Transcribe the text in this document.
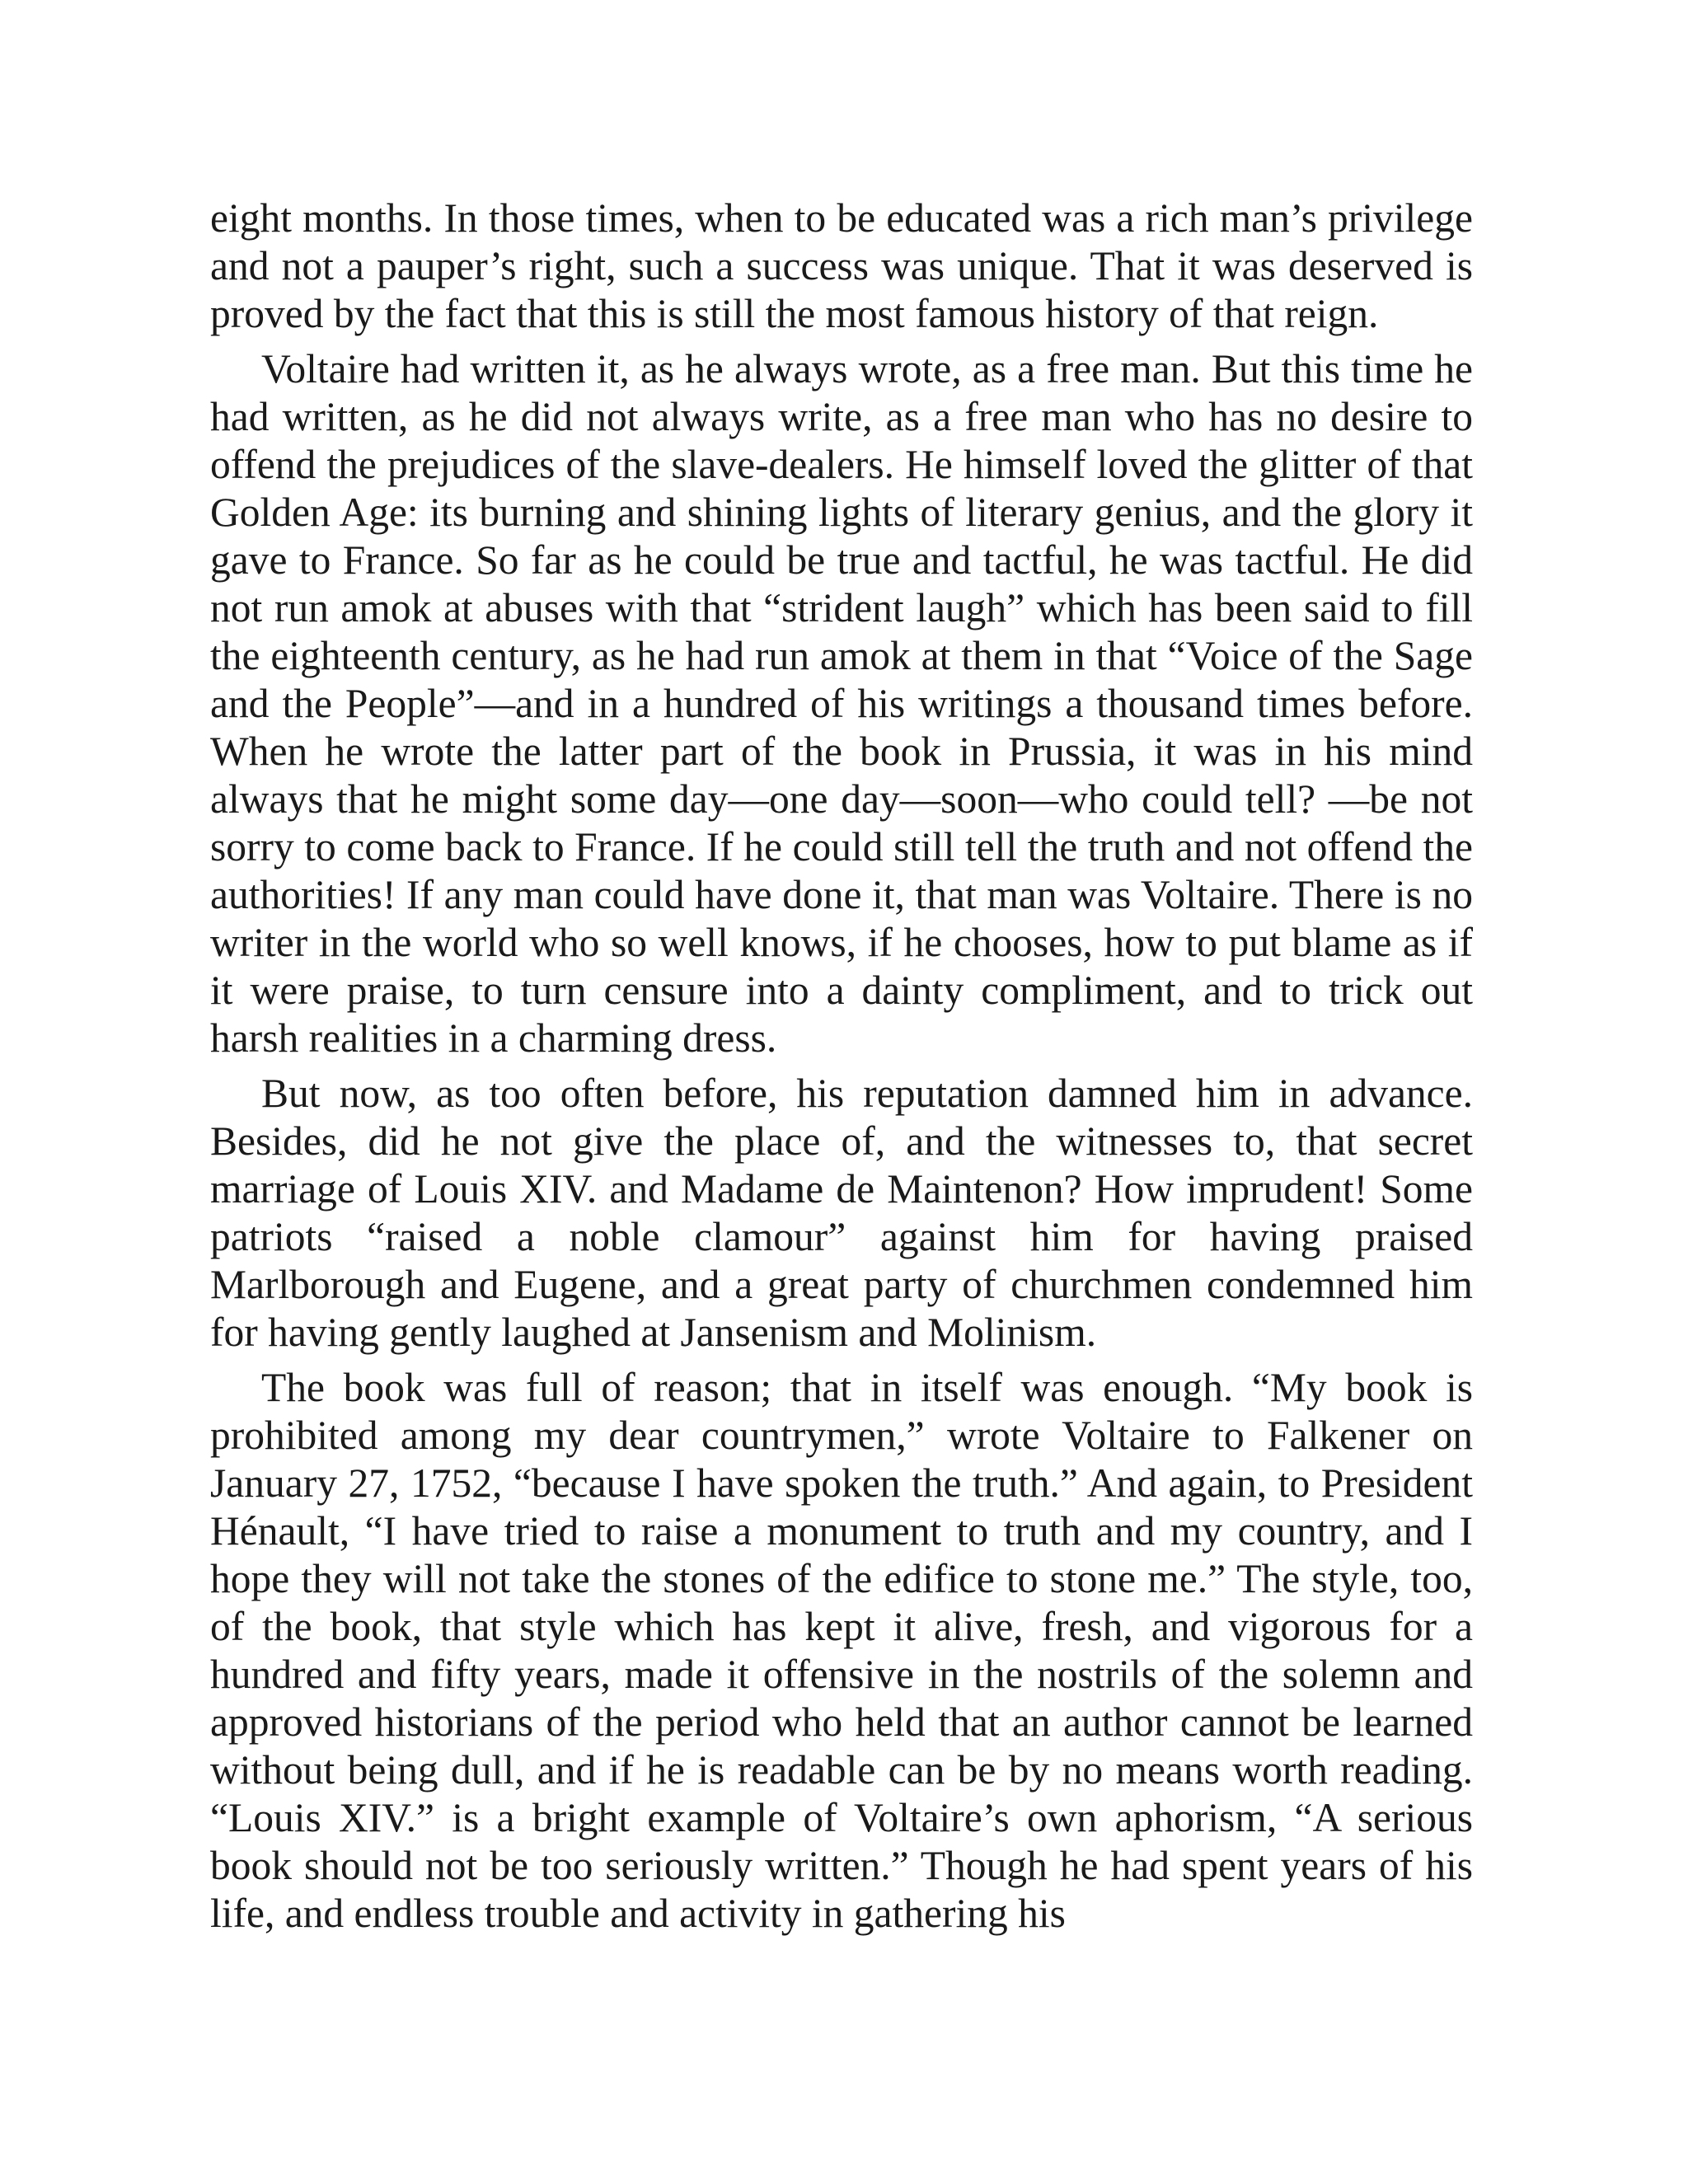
eight months. In those times, when to be educated was a rich man’s privilege and not a pauper’s right, such a success was unique. That it was deserved is proved by the fact that this is still the most famous history of that reign.

Voltaire had written it, as he always wrote, as a free man. But this time he had written, as he did not always write, as a free man who has no desire to offend the prejudices of the slave-dealers. He himself loved the glitter of that Golden Age: its burning and shining lights of literary genius, and the glory it gave to France. So far as he could be true and tactful, he was tactful. He did not run amok at abuses with that “strident laugh” which has been said to fill the eighteenth century, as he had run amok at them in that “Voice of the Sage and the People”—and in a hundred of his writings a thousand times before. When he wrote the latter part of the book in Prussia, it was in his mind always that he might some day—one day—soon—who could tell? —be not sorry to come back to France. If he could still tell the truth and not offend the authorities! If any man could have done it, that man was Voltaire. There is no writer in the world who so well knows, if he chooses, how to put blame as if it were praise, to turn censure into a dainty compliment, and to trick out harsh realities in a charming dress.

But now, as too often before, his reputation damned him in advance. Besides, did he not give the place of, and the witnesses to, that secret marriage of Louis XIV. and Madame de Maintenon? How imprudent! Some patriots “raised a noble clamour” against him for having praised Marlborough and Eugene, and a great party of churchmen condemned him for having gently laughed at Jansenism and Molinism.

The book was full of reason; that in itself was enough. “My book is prohibited among my dear countrymen,” wrote Voltaire to Falkener on January 27, 1752, “because I have spoken the truth.” And again, to President Hénault, “I have tried to raise a monument to truth and my country, and I hope they will not take the stones of the edifice to stone me.” The style, too, of the book, that style which has kept it alive, fresh, and vigorous for a hundred and fifty years, made it offensive in the nostrils of the solemn and approved historians of the period who held that an author cannot be learned without being dull, and if he is readable can be by no means worth reading. “Louis XIV.” is a bright example of Voltaire’s own aphorism, “A serious book should not be too seriously written.” Though he had spent years of his life, and endless trouble and activity in gathering his
